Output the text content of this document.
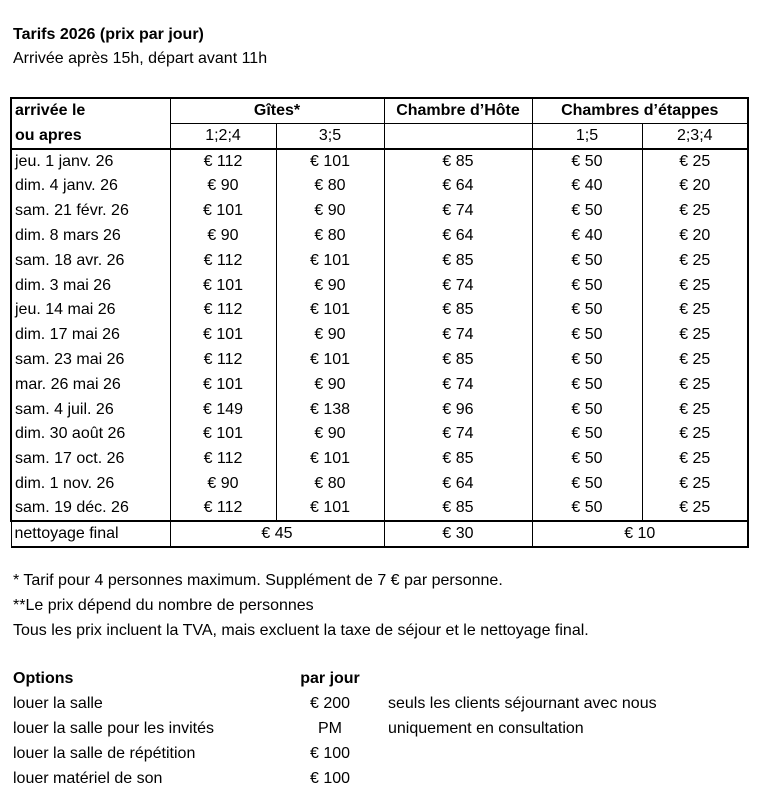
Tarifs 2026 (prix par jour)
Arrivée après 15h, départ avant 11h
arrivée le	Gîtes*		Chambre d’Hôte	Chambres d’étappes	
ou apres	1;2;4	3;5		1;5	2;3;4
jeu. 1 janv. 26	€ 112	€ 101	€ 85	€ 50	€ 25
dim. 4 janv. 26	€ 90	€ 80	€ 64	€ 40	€ 20
sam. 21 févr. 26	€ 101	€ 90	€ 74	€ 50	€ 25
dim. 8 mars 26	€ 90	€ 80	€ 64	€ 40	€ 20
sam. 18 avr. 26	€ 112	€ 101	€ 85	€ 50	€ 25
dim. 3 mai 26	€ 101	€ 90	€ 74	€ 50	€ 25
jeu. 14 mai 26	€ 112	€ 101	€ 85	€ 50	€ 25
dim. 17 mai 26	€ 101	€ 90	€ 74	€ 50	€ 25
sam. 23 mai 26	€ 112	€ 101	€ 85	€ 50	€ 25
mar. 26 mai 26	€ 101	€ 90	€ 74	€ 50	€ 25
sam. 4 juil. 26	€ 149	€ 138	€ 96	€ 50	€ 25
dim. 30 août 26	€ 101	€ 90	€ 74	€ 50	€ 25
sam. 17 oct. 26	€ 112	€ 101	€ 85	€ 50	€ 25
dim. 1 nov. 26	€ 90	€ 80	€ 64	€ 50	€ 25
sam. 19 déc. 26	€ 112	€ 101	€ 85	€ 50	€ 25
nettoyage final	€ 45		€ 30	€ 10	
* Tarif pour 4 personnes maximum. Supplément de 7 € par personne.
**Le prix dépend du nombre de personnes
Tous les prix incluent la TVA, mais excluent la taxe de séjour et le nettoyage final.
Options	par jour
louer la salle	€ 200	seuls les clients séjournant avec nous
louer la salle pour les invités	PM	uniquement en consultation
louer la salle de répétition	€ 100
louer matériel de son	€ 100
